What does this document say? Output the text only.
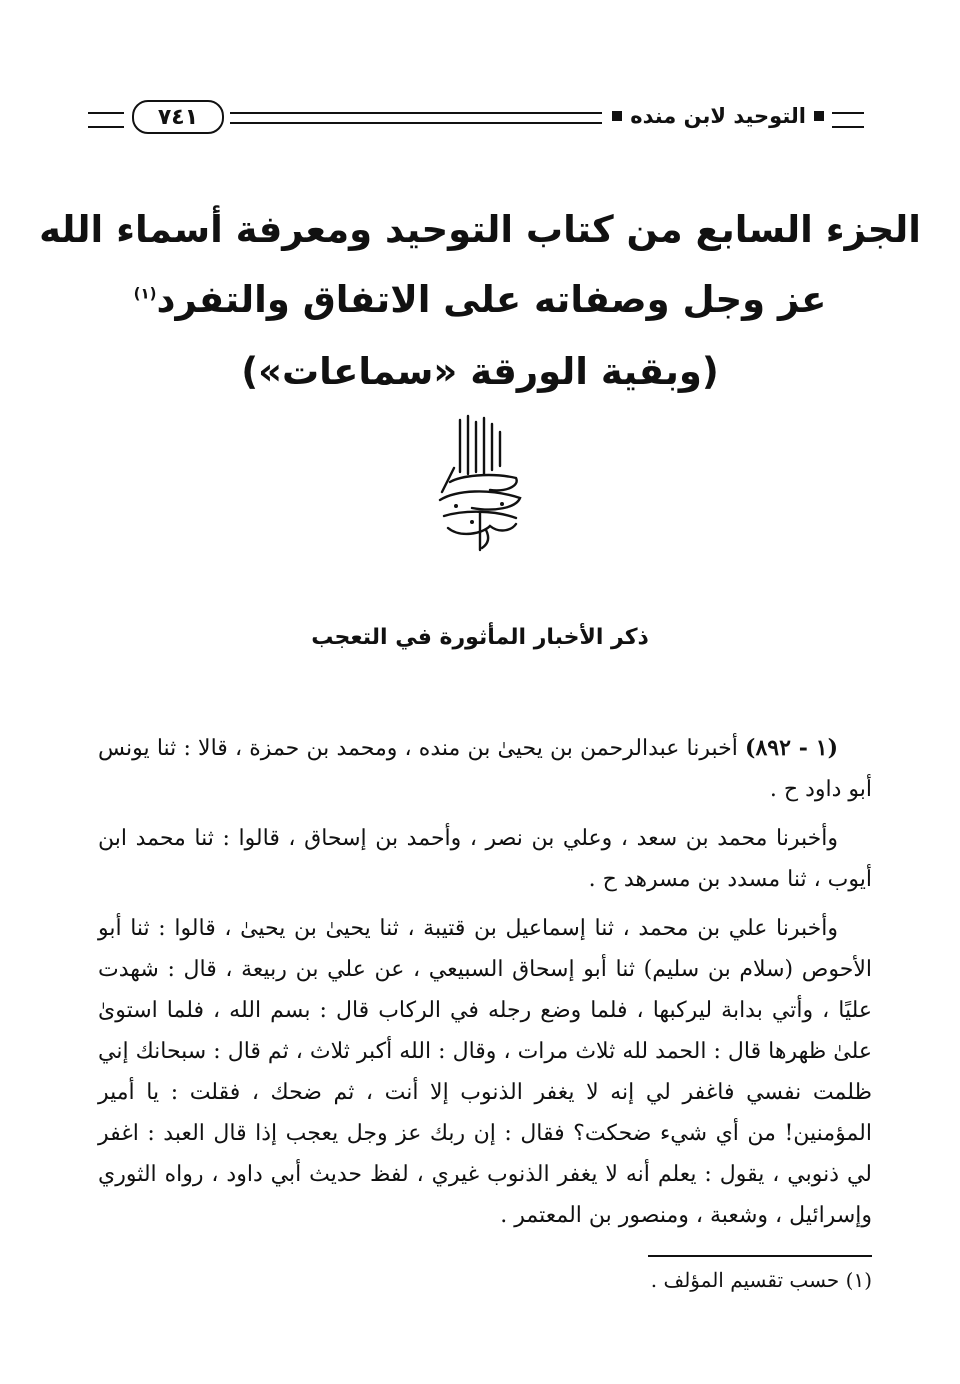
التوحيد لابن منده
٧٤١
الجزء السابع من كتاب التوحيد ومعرفة أسماء الله
عز وجل وصفاته على الاتفاق والتفرد$^{(١)}$
(وبقية الورقة «سماعات»)
ذكر الأخبار المأثورة في التعجب

(١ - ٨٩٢) أخبرنا عبدالرحمن بن يحيىٰ بن منده ، ومحمد بن حمزة ، قالا : ثنا يونس أبو داود ح .

وأخبرنا محمد بن سعد ، وعلي بن نصر ، وأحمد بن إسحاق ، قالوا : ثنا محمد ابن أيوب ، ثنا مسدد بن مسرهد ح .

وأخبرنا علي بن محمد ، ثنا إسماعيل بن قتيبة ، ثنا يحيىٰ بن يحيىٰ ، قالوا : ثنا أبو الأحوص (سلام بن سليم) ثنا أبو إسحاق السبيعي ، عن علي بن ربيعة ، قال : شهدت عليًا ، وأتي بدابة ليركبها ، فلما وضع رجله في الركاب قال : بسم الله ، فلما استوىٰ علىٰ ظهرها قال : الحمد لله ثلاث مرات ، وقال : الله أكبر ثلاث ، ثم قال : سبحانك إني ظلمت نفسي فاغفر لي إنه لا يغفر الذنوب إلا أنت ، ثم ضحك ، فقلت : يا أمير المؤمنين! من أي شيء ضحكت؟ فقال : إن ربك عز وجل يعجب إذا قال العبد : اغفر لي ذنوبي ، يقول : يعلم أنه لا يغفر الذنوب غيري ، لفظ حديث أبي داود ، رواه الثوري وإسرائيل ، وشعبة ، ومنصور بن المعتمر .

(١) حسب تقسيم المؤلف .
